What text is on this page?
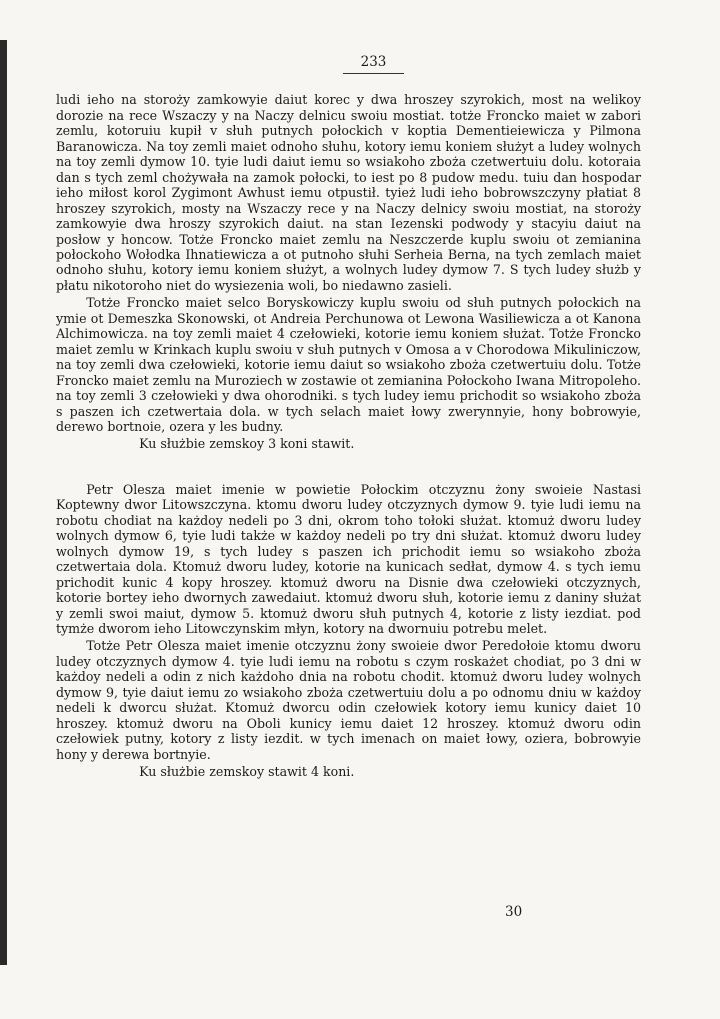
233

ludi ieho na storoży zamkowyie daiut korec y dwa hroszey szyrokich, most na welikoy dorozie na rece Wszaczy y na Naczy delnicu swoiu mostiat. totże Froncko maiet w zabori zemlu, kotoruiu kupił v słuh putnych połockich v koptia Dementieiewicza y Pilmona Baranowicza. Na toy zemli maiet odnoho słuhu, kotory iemu koniem służyt a ludey wolnych na toy zemli dymow 10. tyie ludi daiut iemu so wsiakoho zboża czetwertuiu dolu. kotoraia dan s tych zeml chożywała na zamok połocki, to iest po 8 pudow medu. tuiu dan hospodar ieho miłost korol Zygimont Awhust iemu otpustił. tyież ludi ieho bobrowszczyny płatiat 8 hroszey szyrokich, mosty na Wszaczy rece y na Naczy delnicy swoiu mostiat, na storoży zamkowyie dwa hroszy szyrokich daiut. na stan Iezenski podwody y stacyiu daiut na posłow y honcow. Totże Froncko maiet zemlu na Neszczerde kuplu swoiu ot zemianina połockoho Wołodka Ihnatiewicza a ot putnoho słuhi Serheia Berna, na tych zemlach maiet odnoho słuhu, kotory iemu koniem służyt, a wolnych ludey dymow 7. S tych ludey służb y płatu nikotoroho niet do wysiezenia woli, bo niedawno zasieli.

Totże Froncko maiet selco Boryskowiczy kuplu swoiu od słuh putnych połockich na ymie ot Demeszka Skonowski, ot Andreia Perchunowa ot Lewona Wasiliewicza a ot Kanona Alchimowicza. na toy zemli maiet 4 czełowieki, kotorie iemu koniem służat. Totże Froncko maiet zemlu w Krinkach kuplu swoiu v słuh putnych v Omosa a v Chorodowa Mikuliniczow, na toy zemli dwa czełowieki, kotorie iemu daiut so wsiakoho zboża czetwertuiu dolu. Totże Froncko maiet zemlu na Muroziech w zostawie ot zemianina Połockoho Iwana Mitropoleho. na toy zemli 3 czełowieki y dwa ohorodniki. s tych ludey iemu prichodit so wsiakoho zboża s paszen ich czetwertaia dola. w tych selach maiet łowy zwerynnyie, hony bobrowyie, derewo bortnoie, ozera y les budny.

Ku służbie zemskoy 3 koni stawit.

Petr Olesza maiet imenie w powietie Połockim otczyznu żony swoieie Nastasi Koptewny dwor Litowszczyna. ktomu dworu ludey otczyznych dymow 9. tyie ludi iemu na robotu chodiat na każdoy nedeli po 3 dni, okrom toho tołoki służat. ktomuż dworu ludey wolnych dymow 6, tyie ludi także w każdoy nedeli po try dni służat. ktomuż dworu ludey wolnych dymow 19, s tych ludey s paszen ich prichodit iemu so wsiakoho zboża czetwertaia dola. Ktomuż dworu ludey, kotorie na kunicach sedłat, dymow 4. s tych iemu prichodit kunic 4 kopy hroszey. ktomuż dworu na Disnie dwa czełowieki otczyznych, kotorie bortey ieho dwornych zawedaiut. ktomuż dworu słuh, kotorie iemu z daniny służat y zemli swoi maiut, dymow 5. ktomuż dworu słuh putnych 4, kotorie z listy iezdiat. pod tymże dworom ieho Litowczynskim młyn, kotory na dwornuiu potrebu melet.

Totże Petr Olesza maiet imenie otczyznu żony swoieie dwor Peredołoie ktomu dworu ludey otczyznych dymow 4. tyie ludi iemu na robotu s czym roskażet chodiat, po 3 dni w każdoy nedeli a odin z nich każdoho dnia na robotu chodit. ktomuż dworu ludey wolnych dymow 9, tyie daiut iemu zo wsiakoho zboża czetwertuiu dolu a po odnomu dniu w każdoy nedeli k dworcu służat. Ktomuż dworcu odin czełowiek kotory iemu kunicy daiet 10 hroszey. ktomuż dworu na Oboli kunicy iemu daiet 12 hroszey. ktomuż dworu odin czełowiek putny, kotory z listy iezdit. w tych imenach on maiet łowy, oziera, bobrowyie hony y derewa bortnyie.

Ku służbie zemskoy stawit 4 koni.

30
